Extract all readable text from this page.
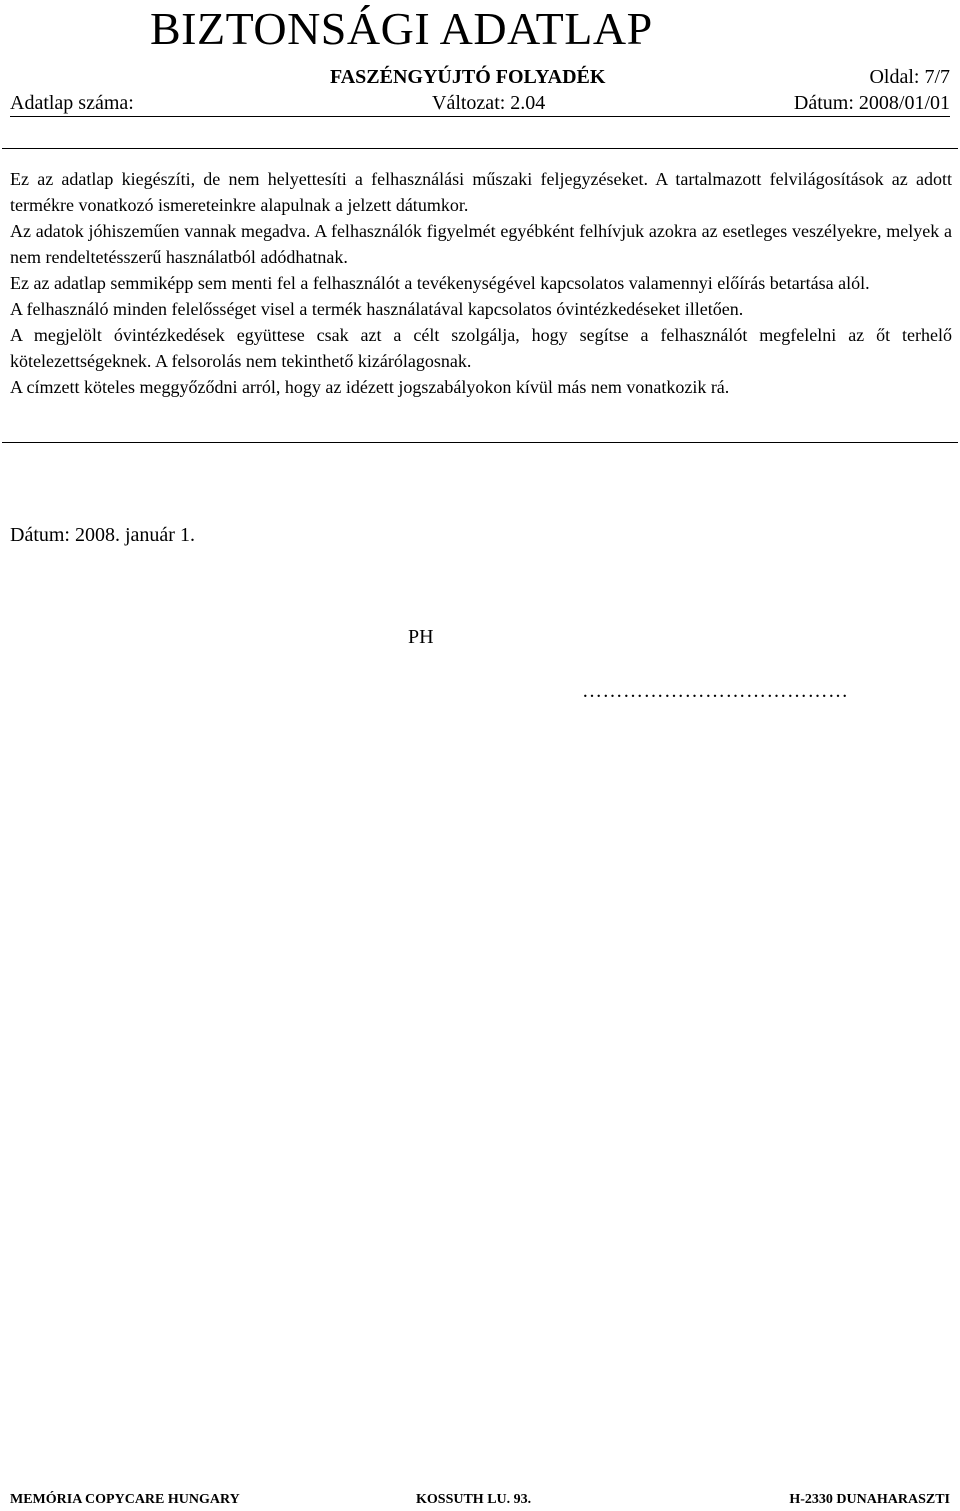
BIZTONSÁGI ADATLAP
FASZÉNGYÚJTÓ FOLYADÉK	Oldal: 7/7
Adatlap száma:	Változat: 2.04	Dátum: 2008/01/01

Ez az adatlap kiegészíti, de nem helyettesíti a felhasználási műszaki feljegyzéseket. A tartalmazott felvilágosítások az adott termékre vonatkozó ismereteinkre alapulnak a jelzett dátumkor.

Az adatok jóhiszeműen vannak megadva. A felhasználók figyelmét egyébként felhívjuk azokra az esetleges veszélyekre, melyek a nem rendeltetésszerű használatból adódhatnak.

Ez az adatlap semmiképp sem menti fel a felhasználót a tevékenységével kapcsolatos valamennyi előírás betartása alól.

A felhasználó minden felelősséget visel a termék használatával kapcsolatos óvintézkedéseket illetően.

A megjelölt óvintézkedések együttese csak azt a célt szolgálja, hogy segítse a felhasználót megfelelni az őt terhelő kötelezettségeknek. A felsorolás nem tekinthető kizárólagosnak.

A címzett köteles meggyőződni arról, hogy az idézett jogszabályokon kívül más nem vonatkozik rá.

Dátum: 2008. január 1.
PH
…………………………………
MEMÓRIA COPYCARE HUNGARY	KOSSUTH LU. 93.	H-2330 DUNAHARASZTI
